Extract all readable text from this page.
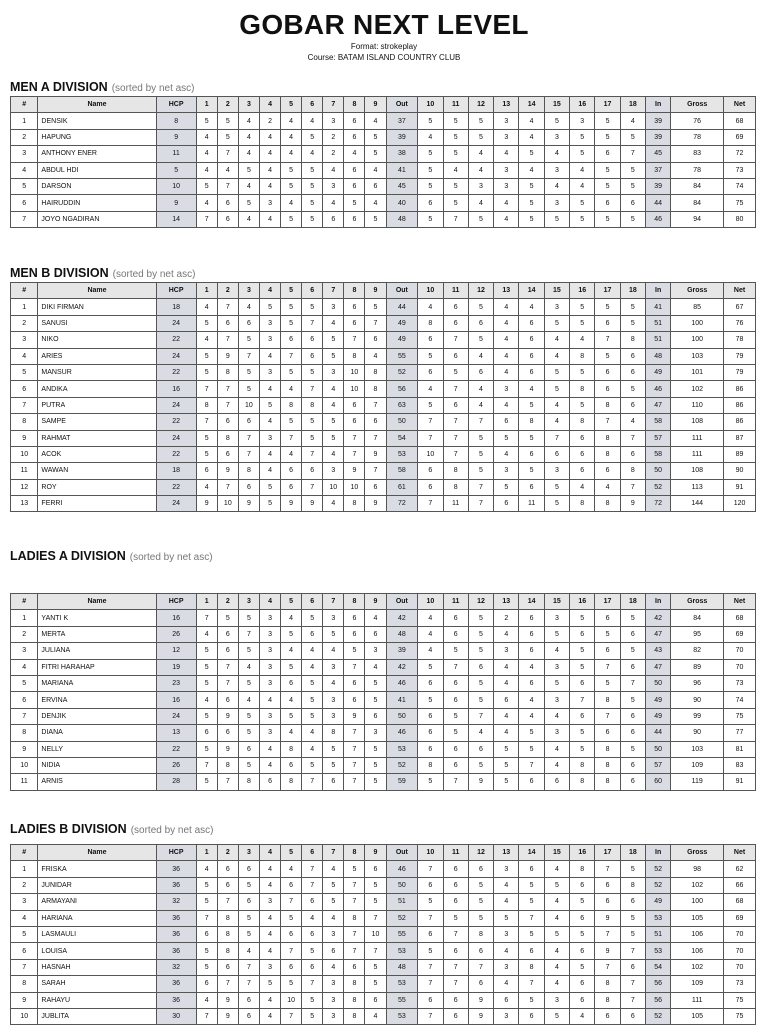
GOBAR NEXT LEVEL
Format: strokeplay
Course: BATAM ISLAND COUNTRY CLUB
MEN A DIVISION (sorted by net asc)
#	Name	HCP	1	2	3	4	5	6	7	8	9	Out	10	11	12	13	14	15	16	17	18	In	Gross	Net
1	DENSIK	8	5	5	4	2	4	4	3	6	4	37	5	5	5	3	4	5	3	5	4	39	76	68
2	HAPUNG	9	4	5	4	4	4	5	2	6	5	39	4	5	5	3	4	3	5	5	5	39	78	69
3	ANTHONY ENER	11	4	7	4	4	4	4	2	4	5	38	5	5	4	4	5	4	5	6	7	45	83	72
4	ABDUL HDI	5	4	4	5	4	5	5	4	6	4	41	5	4	4	3	4	3	4	5	5	37	78	73
5	DARSON	10	5	7	4	4	5	5	3	6	6	45	5	5	3	3	5	4	4	5	5	39	84	74
6	HAIRUDDIN	9	4	6	5	3	4	5	4	5	4	40	6	5	4	4	5	3	5	6	6	44	84	75
7	JOYO NGADIRAN	14	7	6	4	4	5	5	6	6	5	48	5	7	5	4	5	5	5	5	5	46	94	80
MEN B DIVISION (sorted by net asc)
#	Name	HCP	1	2	3	4	5	6	7	8	9	Out	10	11	12	13	14	15	16	17	18	In	Gross	Net
1	DIKI FIRMAN	18	4	7	4	5	5	5	3	6	5	44	4	6	5	4	4	3	5	5	5	41	85	67
2	SANUSI	24	5	6	6	3	5	7	4	6	7	49	8	6	6	4	6	5	5	6	5	51	100	76
3	NIKO	22	4	7	5	3	6	6	5	7	6	49	6	7	5	4	6	4	4	7	8	51	100	78
4	ARIES	24	5	9	7	4	7	6	5	8	4	55	5	6	4	4	6	4	8	5	6	48	103	79
5	MANSUR	22	5	8	5	3	5	5	3	10	8	52	6	5	6	4	6	5	5	6	6	49	101	79
6	ANDIKA	16	7	7	5	4	4	7	4	10	8	56	4	7	4	3	4	5	8	6	5	46	102	86
7	PUTRA	24	8	7	10	5	8	8	4	6	7	63	5	6	4	4	5	4	5	8	6	47	110	86
8	SAMPE	22	7	6	6	4	5	5	5	6	6	50	7	7	7	6	8	4	8	7	4	58	108	86
9	RAHMAT	24	5	8	7	3	7	5	5	7	7	54	7	7	5	5	5	7	6	8	7	57	111	87
10	ACOK	22	5	6	7	4	4	7	4	7	9	53	10	7	5	4	6	6	6	8	6	58	111	89
11	WAWAN	18	6	9	8	4	6	6	3	9	7	58	6	8	5	3	5	3	6	6	8	50	108	90
12	ROY	22	4	7	6	5	6	7	10	10	6	61	6	8	7	5	6	5	4	4	7	52	113	91
13	FERRI	24	9	10	9	5	9	9	4	8	9	72	7	11	7	6	11	5	8	8	9	72	144	120
LADIES A DIVISION (sorted by net asc)
#	Name	HCP	1	2	3	4	5	6	7	8	9	Out	10	11	12	13	14	15	16	17	18	In	Gross	Net
1	YANTI K	16	7	5	5	3	4	5	3	6	4	42	4	6	5	2	6	3	5	6	5	42	84	68
2	MERTA	26	4	6	7	3	5	6	5	6	6	48	4	6	5	4	6	5	6	5	6	47	95	69
3	JULIANA	12	5	6	5	3	4	4	4	5	3	39	4	5	5	3	6	4	5	6	5	43	82	70
4	FITRI HARAHAP	19	5	7	4	3	5	4	3	7	4	42	5	7	6	4	4	3	5	7	6	47	89	70
5	MARIANA	23	5	7	5	3	6	5	4	6	5	46	6	6	5	4	6	5	6	5	7	50	96	73
6	ERVINA	16	4	6	4	4	4	5	3	6	5	41	5	6	5	6	4	3	7	8	5	49	90	74
7	DENJIK	24	5	9	5	3	5	5	3	9	6	50	6	5	7	4	4	4	6	7	6	49	99	75
8	DIANA	13	6	6	5	3	4	4	8	7	3	46	6	5	4	4	5	3	5	6	6	44	90	77
9	NELLY	22	5	9	6	4	8	4	5	7	5	53	6	6	6	5	5	4	5	8	5	50	103	81
10	NIDIA	26	7	8	5	4	6	5	5	7	5	52	8	6	5	5	7	4	8	8	6	57	109	83
11	ARNIS	28	5	7	8	6	8	7	6	7	5	59	5	7	9	5	6	6	8	8	6	60	119	91
LADIES B DIVISION (sorted by net asc)
#	Name	HCP	1	2	3	4	5	6	7	8	9	Out	10	11	12	13	14	15	16	17	18	In	Gross	Net
1	FRISKA	36	4	6	6	4	4	7	4	5	6	46	7	6	6	3	6	4	8	7	5	52	98	62
2	JUNIDAR	36	5	6	5	4	6	7	5	7	5	50	6	6	5	4	5	5	6	6	8	52	102	66
3	ARMAYANI	32	5	7	6	3	7	6	5	7	5	51	5	6	5	4	5	4	5	6	6	49	100	68
4	HARIANA	36	7	8	5	4	5	4	4	8	7	52	7	5	5	5	7	4	6	9	5	53	105	69
5	LASMAULI	36	6	8	5	4	6	6	3	7	10	55	6	7	8	3	5	5	5	7	5	51	106	70
6	LOUISA	36	5	8	4	4	7	5	6	7	7	53	5	6	6	4	6	4	6	9	7	53	106	70
7	HASNAH	32	5	6	7	3	6	6	4	6	5	48	7	7	7	3	8	4	5	7	6	54	102	70
8	SARAH	36	6	7	7	5	5	7	3	8	5	53	7	7	6	4	7	4	6	8	7	56	109	73
9	RAHAYU	36	4	9	6	4	10	5	3	8	6	55	6	6	9	6	5	3	6	8	7	56	111	75
10	JUBLITA	30	7	9	6	4	7	5	3	8	4	53	7	6	9	3	6	5	4	6	6	52	105	75
